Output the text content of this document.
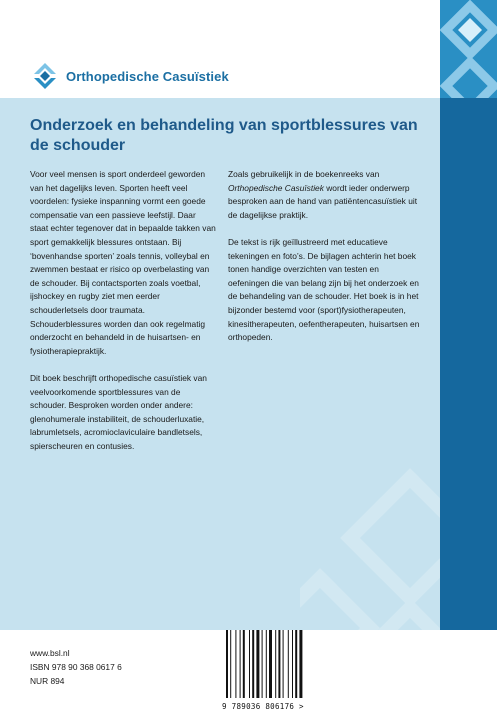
Orthopedische Casuïstiek
Onderzoek en behandeling van sportblessures van de schouder

Voor veel mensen is sport onderdeel geworden van het dagelijks leven. Sporten heeft veel voordelen: fysieke inspanning vormt een goede compensatie van een passieve leefstijl. Daar staat echter tegenover dat in bepaalde takken van sport gemakkelijk blessures ontstaan. Bij ‘bovenhandse sporten’ zoals tennis, volleybal en zwemmen bestaat er risico op overbelasting van de schouder. Bij contactsporten zoals voetbal, ijshockey en rugby ziet men eerder schouderletsels door traumata. Schouderblessures worden dan ook regelmatig onderzocht en behandeld in de huisartsen- en fysiotherapiepraktijk.

Dit boek beschrijft orthopedische casuïstiek van veelvoorkomende sportblessures van de schouder. Besproken worden onder andere: glenohumerale instabiliteit, de schouderluxatie, labrumletsels, acromioclaviculaire bandletsels, spierscheuren en contusies.

Zoals gebruikelijk in de boekenreeks van Orthopedische Casuïstiek wordt ieder onderwerp besproken aan de hand van patiëntencasuïstiek uit de dagelijkse praktijk.

De tekst is rijk geïllustreerd met educatieve tekeningen en foto’s. De bijlagen achterin het boek tonen handige overzichten van testen en oefeningen die van belang zijn bij het onderzoek en de behandeling van de schouder. Het boek is in het bijzonder bestemd voor (sport)fysiotherapeuten, kinesitherapeuten, oefentherapeuten, huisartsen en orthopeden.

www.bsl.nl
ISBN 978 90 368 0617 6
NUR 894
9 789036 806176 >
